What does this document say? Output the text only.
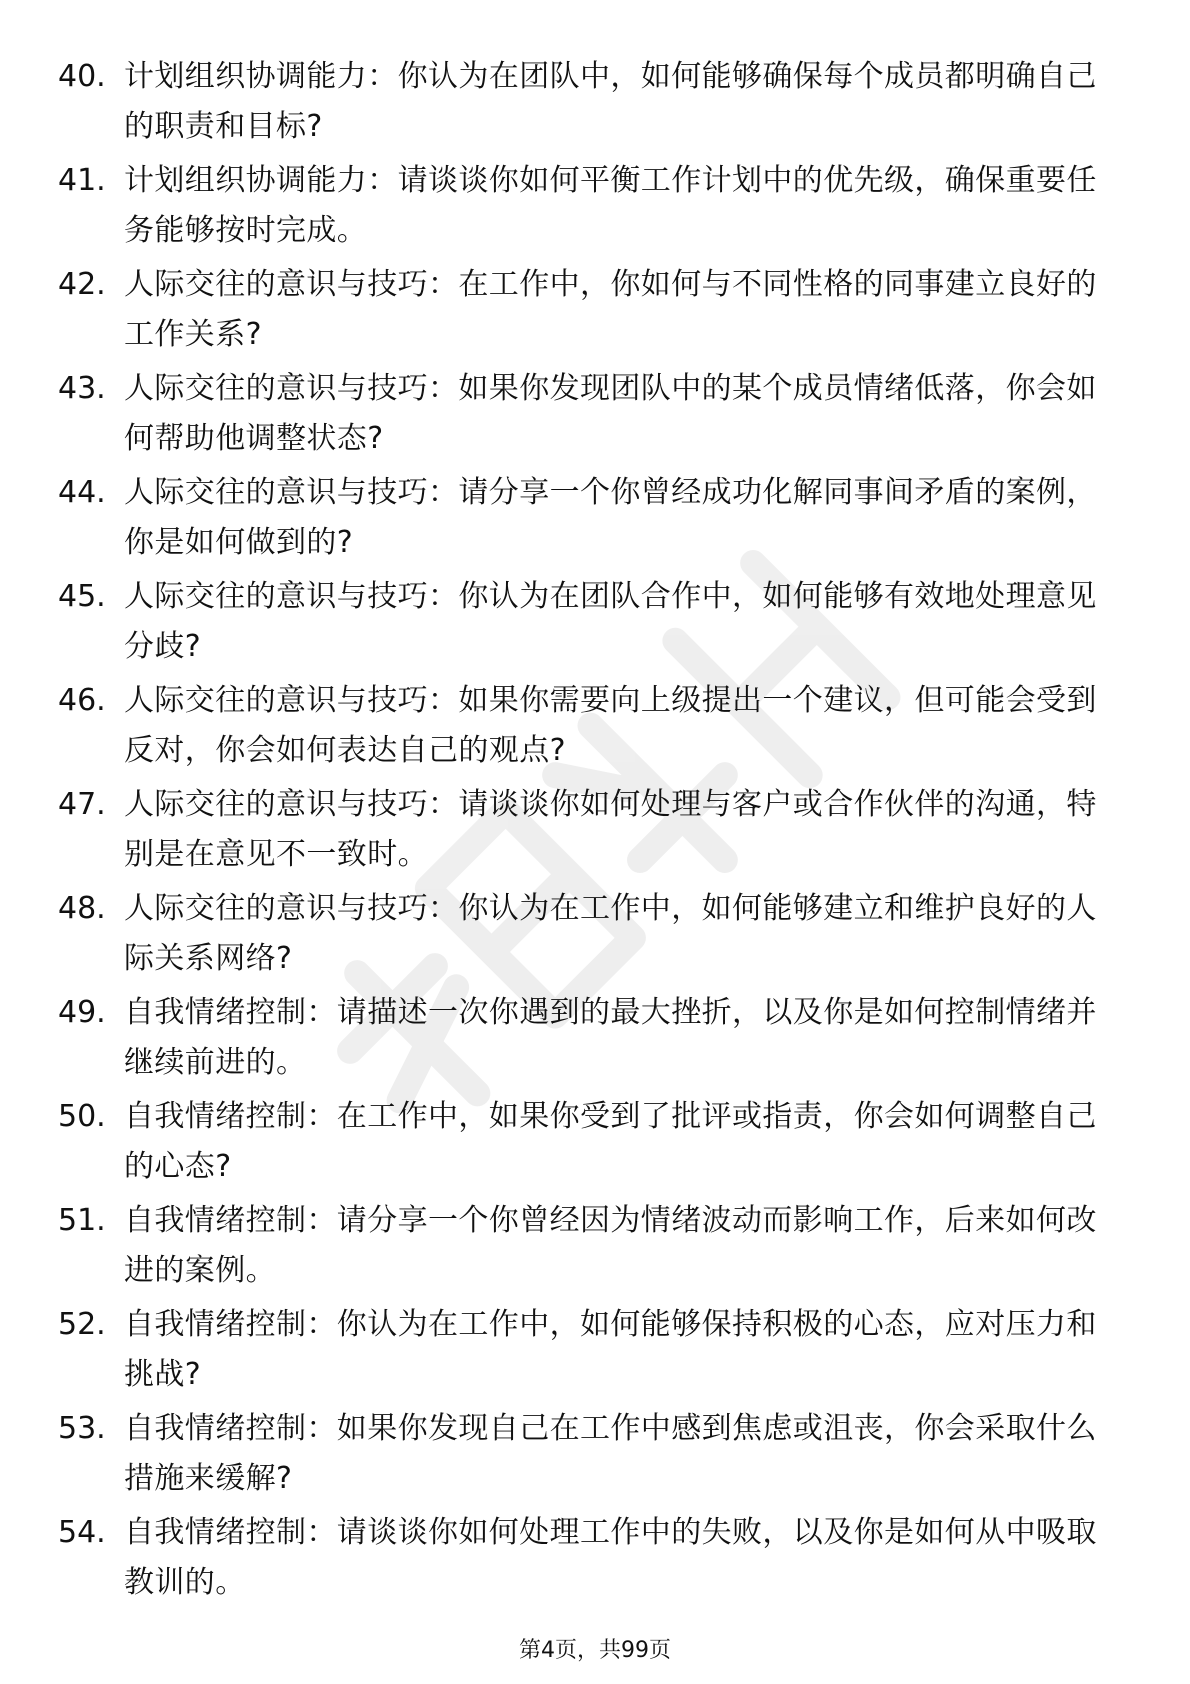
40. 计划组织协调能力：你认为在团队中，如何能够确保每个成员都明确自己的职责和目标?
41. 计划组织协调能力：请谈谈你如何平衡工作计划中的优先级，确保重要任务能够按时完成。
42. 人际交往的意识与技巧：在工作中，你如何与不同性格的同事建立良好的工作关系?
43. 人际交往的意识与技巧：如果你发现团队中的某个成员情绪低落，你会如何帮助他调整状态?
44. 人际交往的意识与技巧：请分享一个你曾经成功化解同事间矛盾的案例，你是如何做到的?
45. 人际交往的意识与技巧：你认为在团队合作中，如何能够有效地处理意见分歧?
46. 人际交往的意识与技巧：如果你需要向上级提出一个建议，但可能会受到反对，你会如何表达自己的观点?
47. 人际交往的意识与技巧：请谈谈你如何处理与客户或合作伙伴的沟通，特别是在意见不一致时。
48. 人际交往的意识与技巧：你认为在工作中，如何能够建立和维护良好的人际关系网络?
49. 自我情绪控制：请描述一次你遇到的最大挫折，以及你是如何控制情绪并继续前进的。
50. 自我情绪控制：在工作中，如果你受到了批评或指责，你会如何调整自己的心态?
51. 自我情绪控制：请分享一个你曾经因为情绪波动而影响工作，后来如何改进的案例。
52. 自我情绪控制：你认为在工作中，如何能够保持积极的心态，应对压力和挑战?
53. 自我情绪控制：如果你发现自己在工作中感到焦虑或沮丧，你会采取什么措施来缓解?
54. 自我情绪控制：请谈谈你如何处理工作中的失败，以及你是如何从中吸取教训的。
第4页，共99页
